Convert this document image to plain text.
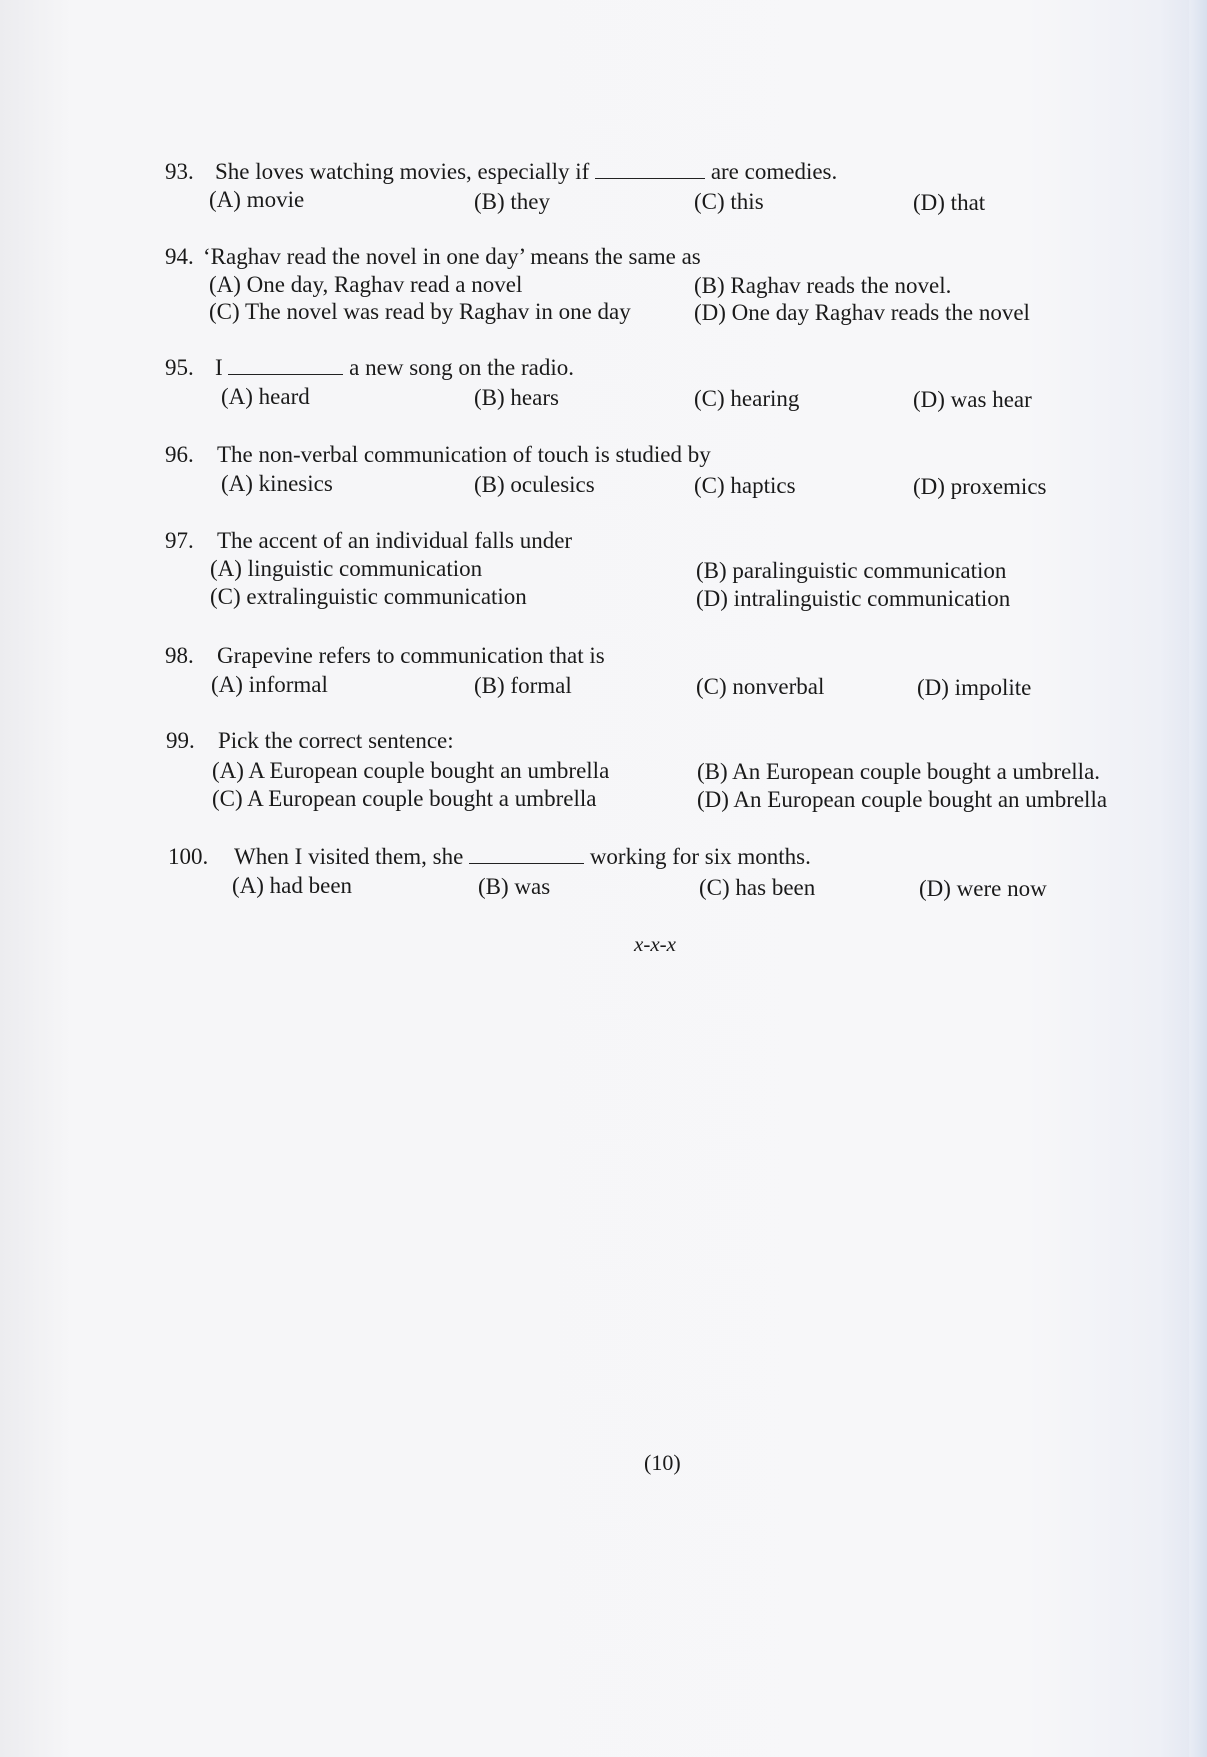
93. She loves watching movies, especially if	are comedies.
(A) movie	(B) they	(C) this	(D) that
94. ‘Raghav read the novel in one day’ means the same as
(A) One day, Raghav read a novel	(B) Raghav reads the novel.
(C) The novel was read by Raghav in one day	(D) One day Raghav reads the novel
95. I	a new song on the radio.
(A) heard	(B) hears	(C) hearing	(D) was hear
96. The non-verbal communication of touch is studied by
(A) kinesics	(B) oculesics	(C) haptics	(D) proxemics
97. The accent of an individual falls under
(A) linguistic communication	(B) paralinguistic communication
(C) extralinguistic communication	(D) intralinguistic communication
98. Grapevine refers to communication that is
(A) informal	(B) formal	(C) nonverbal	(D) impolite
99. Pick the correct sentence:
(A) A European couple bought an umbrella	(B) An European couple bought a umbrella.
(C) A European couple bought a umbrella	(D) An European couple bought an umbrella
100. When I visited them, she	working for six months.
(A) had been	(B) was	(C) has been	(D) were now
x-x-x
(10)
